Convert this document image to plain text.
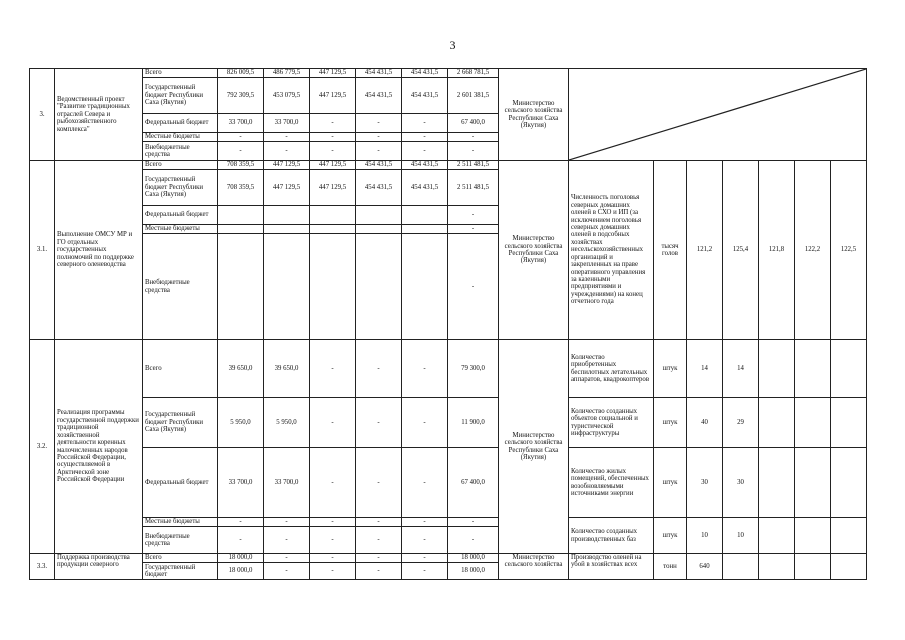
3
3.	Ведомственный проект "Развитие традиционных отраслей Севера и рыбохозяйственного комплекса"	Всего	826 009,5	486 779,5	447 129,5	454 431,5	454 431,5	2 668 781,5	Министерство сельского хозяйства Республики Саха (Якутия)	

		Государственный бюджет Республики Саха (Якутия)	792 309,5	453 079,5	447 129,5	454 431,5	454 431,5	2 601 381,5								
		Федеральный бюджет	33 700,0	33 700,0	-	-	-	67 400,0								
		Местные бюджеты	-	-	-	-	-	-								
		Внебюджетные средства	-	-	-	-	-	-								
3.1.	Выполнение ОМСУ МР и ГО отдельных государственных полномочий по поддержке северного оленеводства	Всего	708 359,5	447 129,5	447 129,5	454 431,5	454 431,5	2 511 481,5	Министерство сельского хозяйства Республики Саха (Якутия)	Численность поголовья северных домашних оленей в СХО и ИП (за исключением поголовья северных домашних оленей в подсобных хозяйствах несельскохозяйственных организаций и закрепленных на праве оперативного управления за казенными предприятиями и учреждениями) на конец отчетного года	тысяч голов	121,2	125,4	121,8	122,2	122,5
		Государственный бюджет Республики Саха (Якутия)	708 359,5	447 129,5	447 129,5	454 431,5	454 431,5	2 511 481,5								
		Федеральный бюджет						-								
		Местные бюджеты						-								
		Внебюджетные средства						-								
3.2.	Реализация программы государственной поддержки традиционной хозяйственной деятельности коренных малочисленных народов Российской Федерации, осуществляемой в Арктической зоне Российской Федерации	Всего	39 650,0	39 650,0	-	-	-	79 300,0	Министерство сельского хозяйства Республики Саха (Якутия)	Количество приобретенных беспилотных летательных аппаратов, квадрокоптеров	штук	14	14			
		Государственный бюджет Республики Саха (Якутия)	5 950,0	5 950,0	-	-	-	11 900,0		Количество созданных объектов социальной и туристической инфраструктуры	штук	40	29			
		Федеральный бюджет	33 700,0	33 700,0	-	-	-	67 400,0		Количество жилых помещений, обеспеченных возобновляемыми источниками энергии	штук	30	30			
		Местные бюджеты	-	-	-	-	-	-		Количество созданных производственных баз	штук	10	10			
		Внебюджетные средства	-	-	-	-	-	-								
3.3.	Поддержка производства продукции северного	Всего	18 000,0	-	-	-	-	18 000,0	Министерство сельского хозяйства	Производство оленей на убой в хозяйствах всех	тонн	640				
		Государственный бюджет	18 000,0	-	-	-	-	18 000,0								
